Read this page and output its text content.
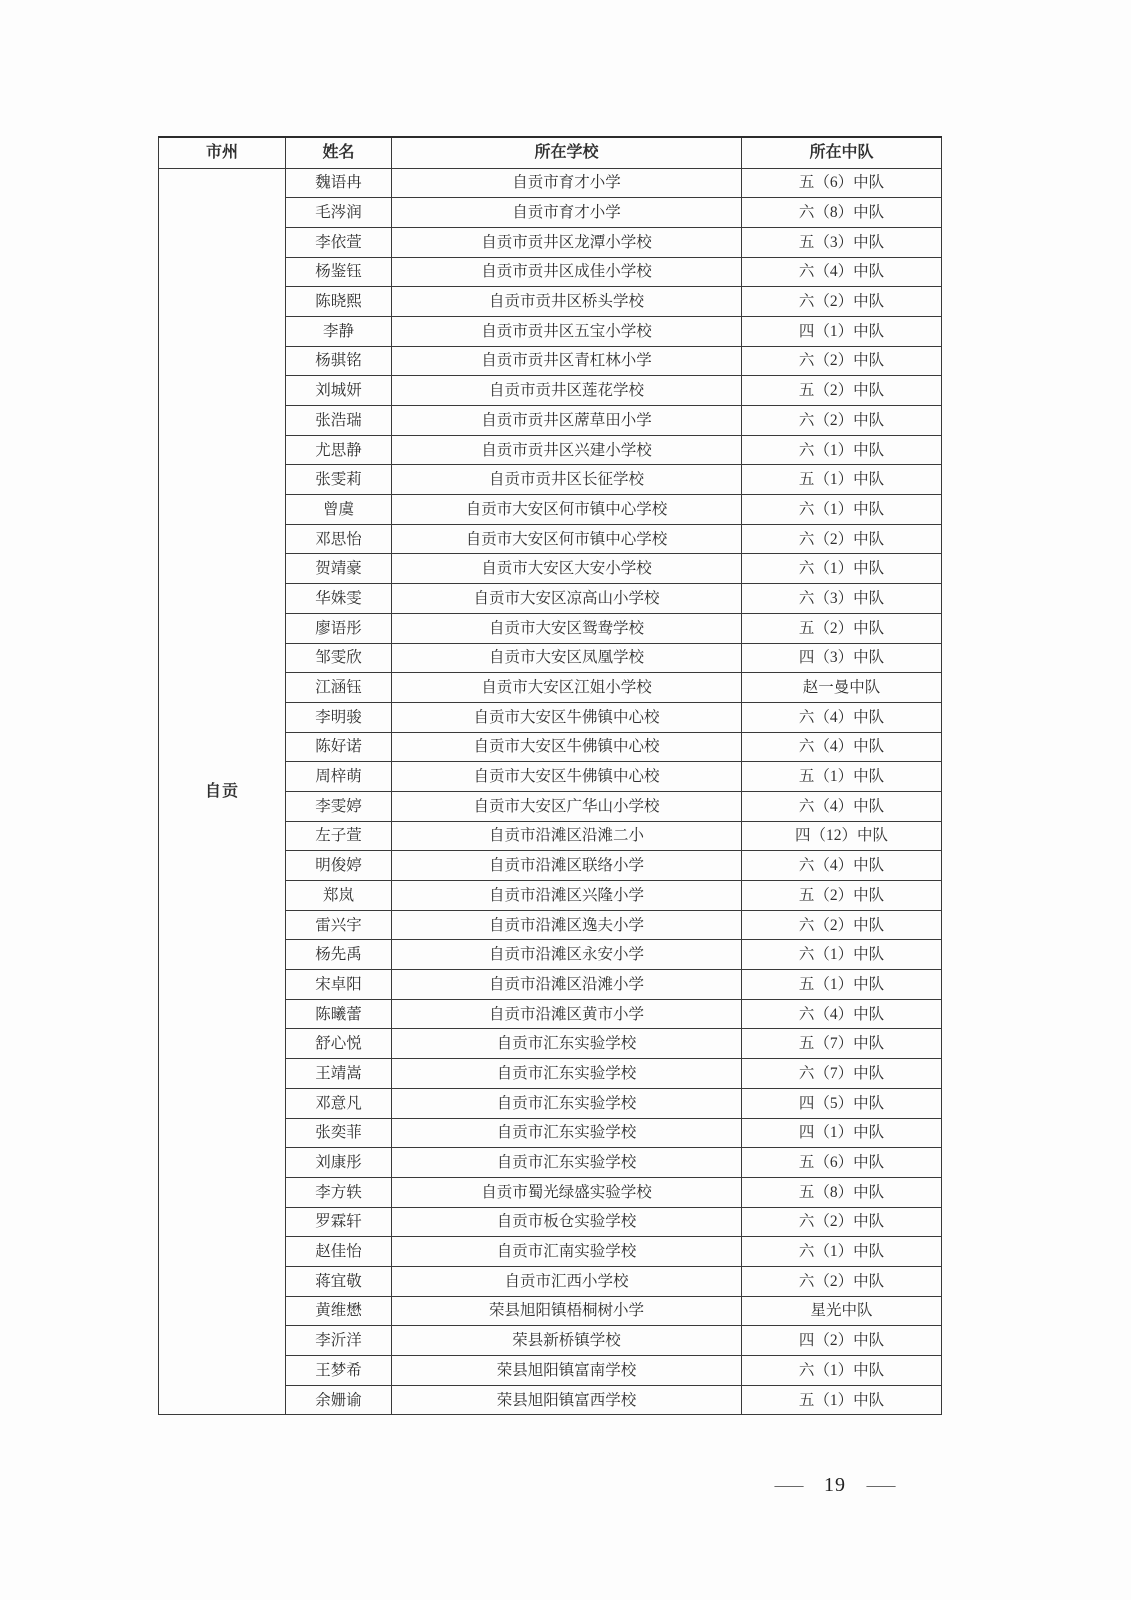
市州	姓名	所在学校	所在中队
自贡	魏语冉	自贡市育才小学	五（6）中队
	毛涔润	自贡市育才小学	六（8）中队
	李依萱	自贡市贡井区龙潭小学校	五（3）中队
	杨鉴钰	自贡市贡井区成佳小学校	六（4）中队
	陈晓熙	自贡市贡井区桥头学校	六（2）中队
	李静	自贡市贡井区五宝小学校	四（1）中队
	杨骐铭	自贡市贡井区青杠林小学	六（2）中队
	刘城妍	自贡市贡井区莲花学校	五（2）中队
	张浩瑞	自贡市贡井区蓆草田小学	六（2）中队
	尤思静	自贡市贡井区兴建小学校	六（1）中队
	张雯莉	自贡市贡井区长征学校	五（1）中队
	曾虞	自贡市大安区何市镇中心学校	六（1）中队
	邓思怡	自贡市大安区何市镇中心学校	六（2）中队
	贺靖豪	自贡市大安区大安小学校	六（1）中队
	华姝雯	自贡市大安区凉高山小学校	六（3）中队
	廖语彤	自贡市大安区鸳鸯学校	五（2）中队
	邹雯欣	自贡市大安区凤凰学校	四（3）中队
	江涵钰	自贡市大安区江姐小学校	赵一曼中队
	李明骏	自贡市大安区牛佛镇中心校	六（4）中队
	陈好诺	自贡市大安区牛佛镇中心校	六（4）中队
	周梓萌	自贡市大安区牛佛镇中心校	五（1）中队
	李雯婷	自贡市大安区广华山小学校	六（4）中队
	左子萱	自贡市沿滩区沿滩二小	四（12）中队
	明俊婷	自贡市沿滩区联络小学	六（4）中队
	郑岚	自贡市沿滩区兴隆小学	五（2）中队
	雷兴宇	自贡市沿滩区逸夫小学	六（2）中队
	杨先禹	自贡市沿滩区永安小学	六（1）中队
	宋卓阳	自贡市沿滩区沿滩小学	五（1）中队
	陈曦蕾	自贡市沿滩区黄市小学	六（4）中队
	舒心悦	自贡市汇东实验学校	五（7）中队
	王靖嵩	自贡市汇东实验学校	六（7）中队
	邓意凡	自贡市汇东实验学校	四（5）中队
	张奕菲	自贡市汇东实验学校	四（1）中队
	刘康彤	自贡市汇东实验学校	五（6）中队
	李方轶	自贡市蜀光绿盛实验学校	五（8）中队
	罗霖轩	自贡市板仓实验学校	六（2）中队
	赵佳怡	自贡市汇南实验学校	六（1）中队
	蒋宜敬	自贡市汇西小学校	六（2）中队
	黄维懋	荣县旭阳镇梧桐树小学	星光中队
	李沂洋	荣县新桥镇学校	四（2）中队
	王梦希	荣县旭阳镇富南学校	六（1）中队
	余姗谕	荣县旭阳镇富西学校	五（1）中队
— 19 —
